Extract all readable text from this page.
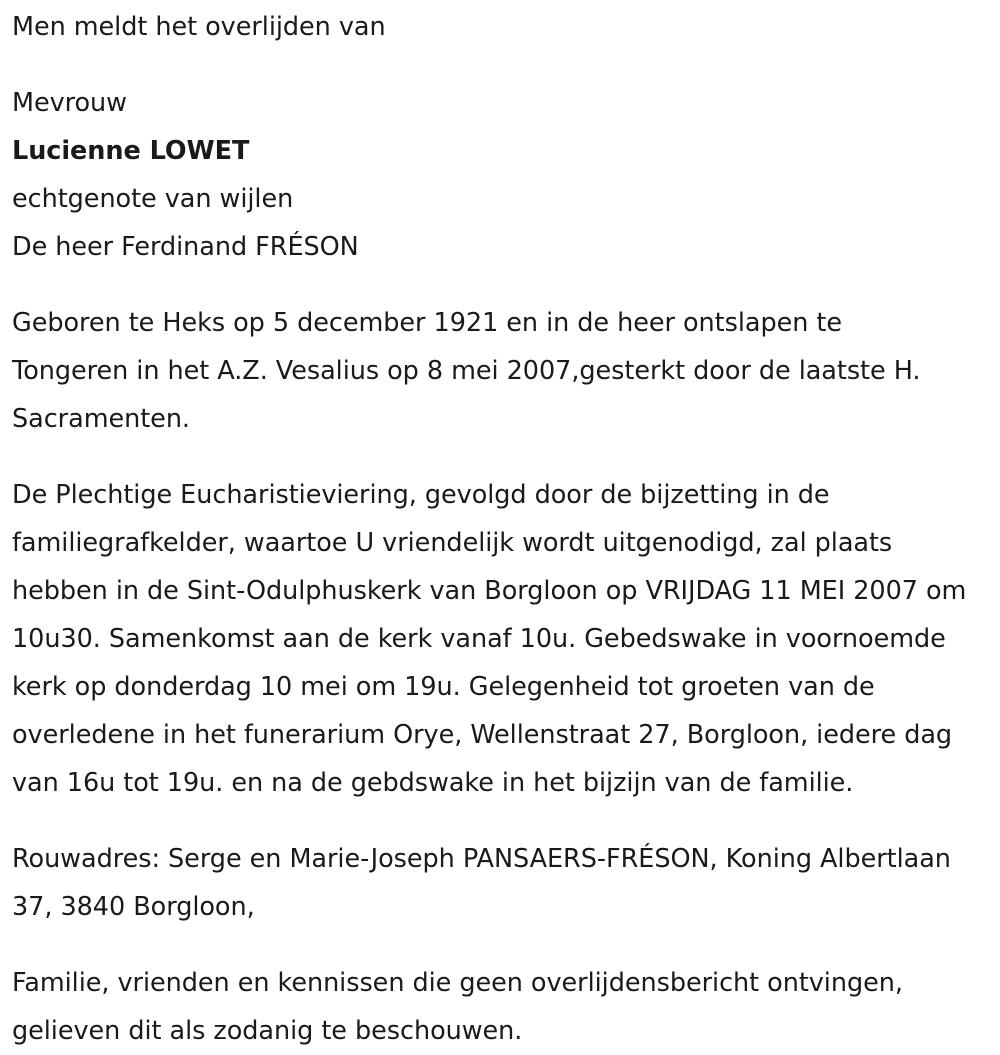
Men meldt het overlijden van

Mevrouw
Lucienne LOWET
echtgenote van wijlen
De heer Ferdinand FRÉSON

Geboren te Heks op 5 december 1921 en in de heer ontslapen te
Tongeren in het A.Z. Vesalius op 8 mei 2007,gesterkt door de laatste H.
Sacramenten.

De Plechtige Eucharistieviering, gevolgd door de bijzetting in de
familiegrafkelder, waartoe U vriendelijk wordt uitgenodigd, zal plaats
hebben in de Sint-Odulphuskerk van Borgloon op VRIJDAG 11 MEI 2007 om
10u30. Samenkomst aan de kerk vanaf 10u. Gebedswake in voornoemde
kerk op donderdag 10 mei om 19u. Gelegenheid tot groeten van de
overledene in het funerarium Orye, Wellenstraat 27, Borgloon, iedere dag
van 16u tot 19u. en na de gebdswake in het bijzijn van de familie.

Rouwadres: Serge en Marie-Joseph PANSAERS-FRÉSON, Koning Albertlaan
37, 3840 Borgloon,

Familie, vrienden en kennissen die geen overlijdensbericht ontvingen,
gelieven dit als zodanig te beschouwen.
